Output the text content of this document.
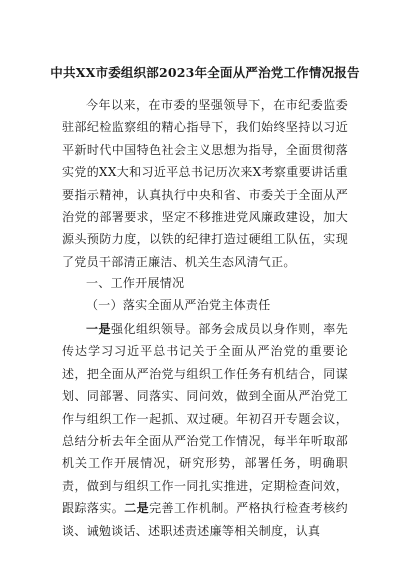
中共XX市委组织部2023年全面从严治党工作情况报告
今年以来，在市委的坚强领导下，在市纪委监委驻部纪检监察组的精心指导下，我们始终坚持以习近平新时代中国特色社会主义思想为指导，全面贯彻落实党的XX大和习近平总书记历次来X考察重要讲话重要指示精神，认真执行中央和省、市委关于全面从严治党的部署要求，坚定不移推进党风廉政建设，加大源头预防力度，以铁的纪律打造过硬组工队伍，实现了党员干部清正廉洁、机关生态风清气正。
一、工作开展情况
（一）落实全面从严治党主体责任
一是强化组织领导。部务会成员以身作则，率先传达学习习近平总书记关于全面从严治党的重要论述，把全面从严治党与组织工作任务有机结合，同谋划、同部署、同落实、同问效，做到全面从严治党工作与组织工作一起抓、双过硬。年初召开专题会议，总结分析去年全面从严治党工作情况，每半年听取部机关工作开展情况，研究形势，部署任务，明确职责，做到与组织工作一同扎实推进，定期检查问效，跟踪落实。二是完善工作机制。严格执行检查考核约谈、诫勉谈话、述职述责述廉等相关制度，认真
